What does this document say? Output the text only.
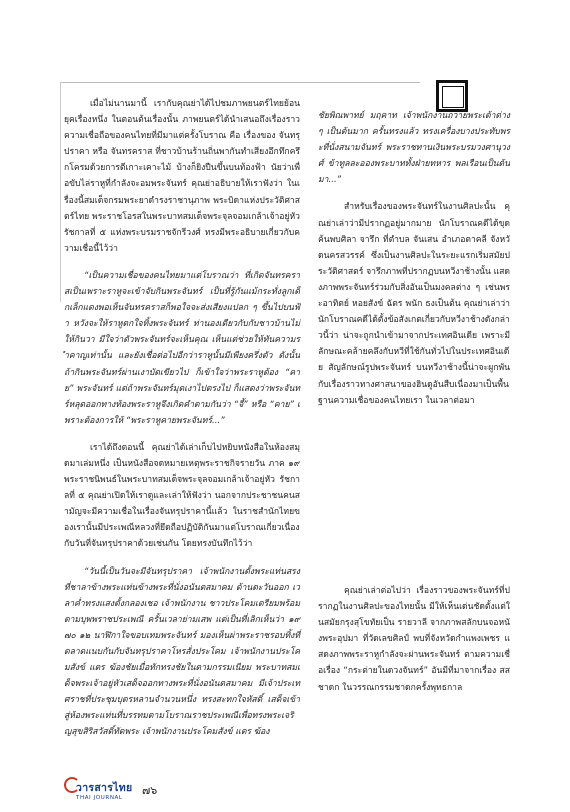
เมื่อไม่นานมานี้ เรากับคุณย่าได้ไปชมภาพยนตร์ไทยย้อนยุคเรื่องหนึ่ง ในตอนต้นเรื่องนั้น ภาพยนตร์ได้นำเสนอถึงเรื่องราวความเชื่อถือของคนไทยที่มีมาแต่ครั้งโบราณ คือ เรื่องของ จันทรุปราคา หรือ จันทรคราส ที่ชาวบ้านร้านถิ่นพากันทำเสียงอึกทึกครึกโครมด้วยการตีเกาะเคาะไม้ บ้างก็ยิงปืนขึ้นบนท้องฟ้า นัยว่าเพื่อขับไล่ราหูที่กำลังจะอมพระจันทร์ คุณย่าอธิบายให้เราฟังว่า ในเรื่องนี้สมเด็จกรมพระยาดำรงราชานุภาพ พระบิดาแห่งประวัติศาสตร์ไทย พระราชโอรสในพระบาทสมเด็จพระจุลจอมเกล้าเจ้าอยู่หัว รัชกาลที่ ๕ แห่งพระบรมราชจักรีวงศ์ ทรงมีพระอธิบายเกี่ยวกับความเชื่อนี้ไว้ว่า

“เป็นความเชื่อของคนไทยมาแต่โบราณว่า ที่เกิดจันทรคราสเป็นเพราะราหูจะเข้าจับกินพระจันทร์ เป็นที่รู้กันแม้กระทั่งลูกเด็กเล็กแดงพอเห็นจันทรคราสก็พอใจจะส่งเสียงแปลก ๆ ขึ้นไปบนฟ้า หวังจะให้ราหูตกใจทิ้งพระจันทร์ ท่านองเดียวกับกับชาวบ้านไม่ให้กินวา มีใจว่าตัวพระจันทร์จะเห็นคุณ เห็นแต่ช่วยให้ทันความรำคาญเท่านั้น และยังเชื่อต่อไปอีกว่าราหูนั้นมีเพียงครึ่งตัว ดังนั้น ถ้ากินพระจันทร์ผ่านเงาบัดเขียวไป ก็เข้าใจว่าพระราหูต้อง “คาย” พระจันทร์ แต่ถ้าพระจันทร์มุดเงาไปตรงไป ก็แสดงว่าพระจันทร์หลุดออกทางท้องพระราหูจึงเกิดคำตามกันว่า “จี้” หรือ “คาย” เพราะต้องการให้ “พระราหูคายพระจันทร์...”

เราได้ถึงตอนนี้ คุณย่าได้เล่าเก็บไปหยิบหนังสือในห้องสมุดมาเล่มหนึ่ง เป็นหนังสือจดหมายเหตุพระราชกิจรายวัน ภาค ๑๙ พระราชนิพนธ์ในพระบาทสมเด็จพระจุลจอมเกล้าเจ้าอยู่หัว รัชกาลที่ ๕ คุณย่าเปิดให้เราดูและเล่าให้ฟังว่า นอกจากประชาชนคนสามัญจะมีความเชื่อในเรื่องจันทรุปราคานี้แล้ว ในราชสำนักไทยของเรานั้นมีประเพณีหลวงที่ยึดถือปฏิบัติกันมาแต่โบราณเกี่ยวเนื่องกับวันที่จันทรุปราคาด้วยเช่นกัน โดยทรงบันทึกไว้ว่า

“วันนี้เป็นวันจะมีจันทรุปราคา เจ้าพนักงานตั้งพระแท่นสรงที่ชาลาข้างพระแท่นข้างพระที่นั่งอนันตสมาคม ด้านตะวันออก เวลาค่ำทรงแสงตั้งกลองเชอ เจ้าพนักงาน ชาวประโคมเตรียมพร้อมตามบุพพราชประเพณี ครั้นเวลาย่ามเสพ แต่เป็นที่เลิกเห็นว่า ๑๙ ๗๐ ๑๒ นาฬิกาใจขอบเทมพระจันทร์ มองเห็นผ่าพระราชรอบทิ้งที่ตลาดแนบกันกับจันทรุปราคาโหรสั่งประโคม เจ้าพนักงานประโคมสังข์ แตร ฆ้องชัยเมื่อทักทรงชัยในตามกรรมเนียม พระบาทสมเด็จพระเจ้าอยู่หัวเสด็จออกทางพระที่นั่งอนันตสมาคม มีเจ้าประเทศราชที่ประชุมบุตรหลานจำนวนหนึ่ง ทรงสะทกใจหัสดิ์ เสด็จเข้าสู่ห้องพระแท่นที่บรรทมตามโบราณราชประเพณีเพื่อทรงพระเจริญสุขสิริสวัสดิ์ทัดพระ เจ้าพนักงานประโคมสังข์ แตร ฆ้อง

ชัยพิณพาทย์ มฤคาท เจ้าพนักงานถวายพระเต้าต่าง ๆ เป็นต้นมาก ครั้นทรงแล้ว ทรงเครื่องบางประทับพระที่นั่งสนามจันทร์ พระราชทานเงินพระบรมวงศานุวงศ์ ข้าทูลละอองพระบาททั้งฝ่ายทหาร พลเรือนเป็นต้นมา...”

สำหรับเรื่องของพระจันทร์ในงานศิลปะนั้น คุณย่าเล่าว่ามีปรากฏอยู่มากมาย นักโบราณคดีได้ขุดค้นพบศิลา จารึก ที่ตำบล จันเสน อำเภอตาคลี จังหวัดนครสวรรค์ ซึ่งเป็นงานศิลปะในระยะแรกเริ่มสมัยประวัติศาสตร์ จารึกภาพที่ปรากฏบนหวีงาช้างนั้น แสดงภาพพระจันทร์ร่วมกับสิ่งอันเป็นมงคลต่าง ๆ เช่นพระอาทิตย์ หอยสังข์ ฉัตร พนัก ธงเป็นต้น คุณย่าเล่าว่า นักโบราณคดีได้ตั้งข้อสังเกตเกี่ยวกับหวีงาช้างดังกล่าวนี้ว่า น่าจะถูกนำเข้ามาจากประเทศอินเดีย เพราะมีลักษณะคล้ายคลึงกับหวีที่ใช้กันทั่วไปในประเทศอินเดีย สัญลักษณ์รูปพระจันทร์ บนหวีงาช้างนี้น่าจะผูกพันกับเรื่องราวทางศาสนาของฮินดูอันสืบเนื่องมาเป็นพื้นฐานความเชื่อของคนไทยเรา ในเวลาต่อมา

คุณย่าเล่าต่อไปว่า เรื่องราวของพระจันทร์ที่ปรากฏในงานศิลปะของไทยนั้น มีให้เห็นเด่นชัดตั้งแต่ในสมัยกรุงสุโขทัยเป็น รายวาลี จากภาพสลักบนจอหนังพระอุปมา ที่วัดเลขศิลป์ พบที่จังหวัดกำแพงเพชร แสดงภาพพระราหูกำลังจะผ่านพระจันทร์ ตามความเชื่อเรื่อง “กระต่ายในดวงจันทร์” อันมีที่มาจากเรื่อง สสชาดก ในวรรณกรรมชาดกครั้งพุทธกาล

วารสารไทย
THAI JOURNAL
๗๖
